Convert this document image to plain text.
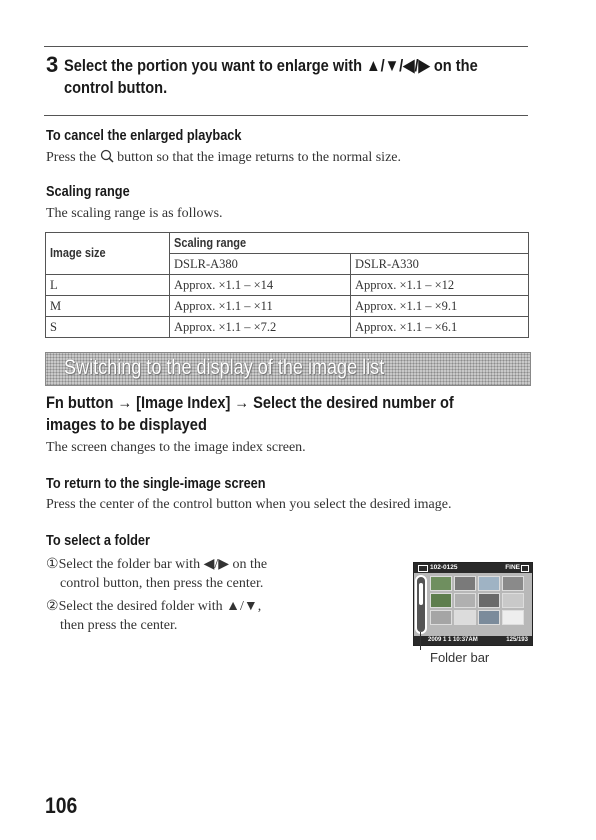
3 Select the portion you want to enlarge with ▲/▼/◀/▶ on the
control button.
To cancel the enlarged playback
Press the button so that the image returns to the normal size.
Scaling range
The scaling range is as follows.
Image size	Scaling range	
	DSLR-A380	DSLR-A330
L	Approx. ×1.1 – ×14	Approx. ×1.1 – ×12
M	Approx. ×1.1 – ×11	Approx. ×1.1 – ×9.1
S	Approx. ×1.1 – ×7.2	Approx. ×1.1 – ×6.1
Switching to the display of the image list
Fn button → [Image Index] → Select the desired number of
images to be displayed
The screen changes to the image index screen.
To return to the single-image screen
Press the center of the control button when you select the desired image.
To select a folder
①Select the folder bar with ◀/▶ on the
control button, then press the center.
②Select the desired folder with ▲/▼,
then press the center.
102-0125	FINE
2009 1 1 10:37AM	125/193
Folder bar
106
